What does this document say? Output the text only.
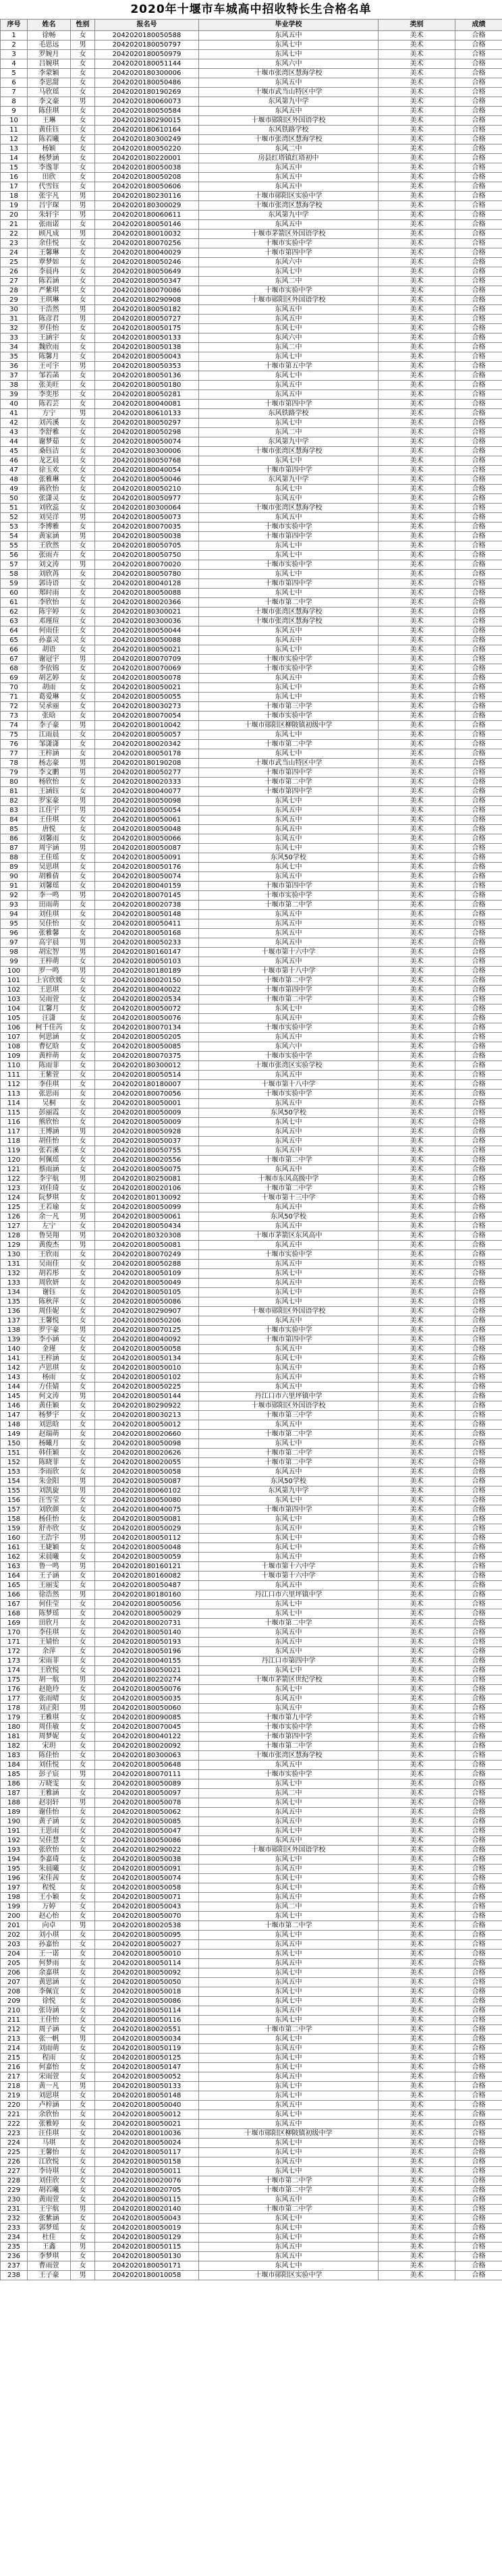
2020年十堰市车城高中招收特长生合格名单
序号	姓名	性别	报名号	毕业学校	类别	成绩
1	徐畅	女	2042020180050588	东风五中	美术	合格
2	毛思远	男	2042020180050797	东风七中	美术	合格
3	罗婉月	女	2042020180050979	东风七中	美术	合格
4	吕婉琪	女	2042020180051144	东风六中	美术	合格
5	李蒙颖	女	2042020180300006	十堰市张湾区慧海学校	美术	合格
6	李思甜	女	2042020180050486	东风五中	美术	合格
7	马欣瑶	女	2042020180190269	十堰市武当山特区中学	美术	合格
8	李文豪	男	2042020180060073	东风第九中学	美术	合格
9	陈佳琪	女	2042020180050584	东风五中	美术	合格
10	王琳	女	2042020180290015	十堰市郧阳区外国语学校	美术	合格
11	黄佳钰	女	2042020180610164	东风铁路学校	美术	合格
12	陈若曦	女	2042020180300249	十堰市张湾区慧海学校	美术	合格
13	杨颖	女	2042020180050220	东风二中	美术	合格
14	杨梦涵	女	2042020180220001	房县红塔镇红塔初中	美术	合格
15	李逸菲	女	2042020180050038	东风五中	美术	合格
16	田欣	女	2042020180050208	东风五中	美术	合格
17	代雪钰	女	2042020180050606	东风五中	美术	合格
18	张宇凡	男	2042020180230116	十堰市郧阳区实验中学	美术	合格
19	吕宇琛	男	2042020180300029	十堰市张湾区慧海学校	美术	合格
20	朱轩宇	男	2042020180060611	东风第九中学	美术	合格
21	张雨诺	女	2042020180050146	东风五中	美术	合格
22	顾凡成	男	2042020180010032	十堰市茅箭区外国语学校	美术	合格
23	余佳悦	女	2042020180070256	十堰市实验中学	美术	合格
24	王馨琳	女	2042020180040029	十堰市第四中学	美术	合格
25	覃梦如	女	2042020180050246	东风六中	美术	合格
26	李晨冉	女	2042020180050649	东风七中	美术	合格
27	陈若涵	女	2042020180050347	东风二中	美术	合格
28	严紫琪	女	2042020180070086	十堰市实验中学	美术	合格
29	王琪琳	女	2042020180290908	十堰市郧阳区外国语学校	美术	合格
30	干浩然	男	2042020180050182	东风五中	美术	合格
31	陈彦君	男	2042020180050727	东风五中	美术	合格
32	罗佳怡	女	2042020180050175	东风七中	美术	合格
33	王涵宇	女	2042020180050133	东风六中	美术	合格
34	魏欣雨	女	2042020180050138	东风二中	美术	合格
35	陈馨月	女	2042020180050043	东风七中	美术	合格
36	王可宇	男	2042020180050353	十堰市第五中学	美术	合格
37	邹若菡	女	2042020180050136	东风七中	美术	合格
38	张美旺	女	2042020180050180	东风五中	美术	合格
39	李奕彤	女	2042020180050281	东风五中	美术	合格
40	陈若芸	女	2042020180040081	十堰市第四中学	美术	合格
41	方宁	男	2042020180610133	东风铁路学校	美术	合格
42	刘芮溪	女	2042020180050297	东风七中	美术	合格
43	李舒雅	女	2042020180050298	东风二中	美术	合格
44	谢梦茹	女	2042020180050074	东风第九中学	美术	合格
45	桑钰洁	女	2042020180300006	十堰市张湾区慧海学校	美术	合格
46	龙艺晨	女	2042020180050768	东风七中	美术	合格
47	徐玉欢	女	2042020180040054	十堰市第四中学	美术	合格
48	张雅琳	女	2042020180050046	东风第九中学	美术	合格
49	蒋欣怡	女	2042020180050210	东风七中	美术	合格
50	张潇灵	女	2042020180050977	东风五中	美术	合格
51	刘欣蕊	女	2042020180300064	十堰市张湾区慧海学校	美术	合格
52	刘昊洋	男	2042020180050073	东风五中	美术	合格
53	李博雅	女	2042020180070035	十堰市实验中学	美术	合格
54	黄家涵	男	2042020180050038	十堰市第四中学	美术	合格
55	王欣然	女	2042020180050705	东风七中	美术	合格
56	张雨卉	女	2042020180050750	东风七中	美术	合格
57	刘文涛	男	2042020180070020	十堰市实验中学	美术	合格
58	刘欣苒	女	2042020180050780	东风七中	美术	合格
59	郭诗语	女	2042020180040128	十堰市第四中学	美术	合格
60	郑时雨	女	2042020180050088	东风七中	美术	合格
61	李欣怡	女	2042020180020366	十堰市第二中学	美术	合格
62	陈宇婷	女	2042020180300021	十堰市张湾区慧海学校	美术	合格
63	邓瑾瑄	女	2042020180300036	十堰市张湾区慧海学校	美术	合格
64	何雨佳	女	2042020180050044	东风五中	美术	合格
65	孙嘉灵	女	2042020180050088	东风五中	美术	合格
66	胡语	女	2042020180050021	东风七中	美术	合格
67	谢冠宇	男	2042020180070709	十堰市实验中学	美术	合格
68	李依锦	女	2042020180070069	十堰市实验中学	美术	合格
69	胡艺婷	女	2042020180050078	东风五中	美术	合格
70	胡雨	女	2042020180050021	东风七中	美术	合格
71	葛爱琳	女	2042020180050055	东风七中	美术	合格
72	吴承丽	女	2042020180030273	十堰市第三中学	美术	合格
73	张晗	女	2042020180070054	十堰市实验中学	美术	合格
74	李子豪	男	2042020180010042	十堰市郧阳区柳陂镇初级中学	美术	合格
75	江雨晨	女	2042020180050057	东风七中	美术	合格
76	邹潇潇	女	2042020180020342	十堰市第二中学	美术	合格
77	王梓涵	女	2042020180050178	东风七中	美术	合格
78	杨志豪	男	2042020180190208	十堰市武当山特区中学	美术	合格
79	李文鹏	男	2042020180050277	十堰市第四中学	美术	合格
80	杨欣怡	女	2042020180020333	十堰市第二中学	美术	合格
81	王涵钰	女	2042020180040077	十堰市第四中学	美术	合格
82	罗家豪	男	2042020180050098	东风七中	美术	合格
83	江佳宇	男	2042020180050054	东风五中	美术	合格
84	王佳琪	女	2042020180050061	东风五中	美术	合格
85	唐悦	女	2042020180050048	东风五中	美术	合格
86	刘馨雨	女	2042020180050066	东风五中	美术	合格
87	周宇涵	男	2042020180050087	东风七中	美术	合格
88	王佳瑶	女	2042020180050091	东风50学校	美术	合格
89	吴思琪	女	2042020180050176	东风七中	美术	合格
90	胡雅倩	女	2042020180050074	东风五中	美术	合格
91	刘馨瑶	女	2042020180040159	十堰市第四中学	美术	合格
92	李一鸣	男	2042020180070145	十堰市实验中学	美术	合格
93	田雨萌	女	2042020180020738	十堰市第二中学	美术	合格
94	刘佳琪	女	2042020180050148	东风五中	美术	合格
95	吴佳怡	女	2042020180050411	东风五中	美术	合格
96	张雅馨	女	2042020180050168	东风五中	美术	合格
97	高宇晨	男	2042020180050233	东风五中	美术	合格
98	胡宏智	男	2042020180160147	十堰市第十六中学	美术	合格
99	王梓萌	女	2042020180050103	东风五中	美术	合格
100	罗一鸣	男	2042020180180189	十堰市第十八中学	美术	合格
101	上官欣媛	女	2042020180020150	十堰市第二中学	美术	合格
102	王思琪	女	2042020180040022	十堰市第四中学	美术	合格
103	吴雨萱	女	2042020180020534	十堰市第二中学	美术	合格
104	江馨月	女	2042020180050072	东风七中	美术	合格
105	汪潇	女	2042020180050076	东风五中	美术	合格
106	柯千佳芮	女	2042020180070134	十堰市实验中学	美术	合格
107	何思涵	女	2042020180050205	东风五中	美术	合格
108	曹忆晗	女	2042020180050085	东风六中	美术	合格
109	黄梓萌	女	2042020180070375	十堰市实验中学	美术	合格
110	陈雨菲	女	2042020180300012	十堰市张湾区实验学校	美术	合格
111	王紫萱	女	2042020180050514	东风五中	美术	合格
112	李佳琪	女	2042020180180007	十堰市第十八中学	美术	合格
113	张思雨	女	2042020180070056	十堰市实验中学	美术	合格
114	吴桐	女	2042020180050001	东风五中	美术	合格
115	彭丽霞	女	2042020180050009	东风50学校	美术	合格
116	熊欣怡	女	2042020180050009	东风七中	美术	合格
117	王博涵	男	2042020180050928	东风五中	美术	合格
118	胡佳怡	女	2042020180050037	东风五中	美术	合格
119	张若溪	女	2042020180050755	东风五中	美术	合格
120	何佩瑶	女	2042020180020556	十堰市第二中学	美术	合格
121	蔡雨涵	女	2042020180050075	东风五中	美术	合格
122	李宇航	男	2042020180250081	十堰市东风高级中学	美术	合格
123	刘佳琦	女	2042020180020106	十堰市第二中学	美术	合格
124	阮梦琪	女	2042020180130092	十堰市第十三中学	美术	合格
125	王若瑜	女	2042020180050099	东风五中	美术	合格
126	余一凡	男	2042020180050061	东风50学校	美术	合格
127	左宁	女	2042020180050434	东风五中	美术	合格
128	鲁昊翔	男	2042020180320308	十堰市茅箭区东风高中	美术	合格
129	黄俊杰	男	2042020180050081	东风五中	美术	合格
130	王欣雨	女	2042020180070249	十堰市实验中学	美术	合格
131	吴雨佳	女	2042020180050288	东风五中	美术	合格
132	胡若彤	女	2042020180050109	东风七中	美术	合格
133	周欣妍	女	2042020180050049	东风五中	美术	合格
134	谢钰	女	2042020180050105	东风七中	美术	合格
135	陈秋萍	女	2042020180050086	东风七中	美术	合格
136	周佳妮	女	2042020180290907	十堰市郧阳区外国语学校	美术	合格
137	王馨悦	女	2042020180050206	东风五中	美术	合格
138	罗宇豪	男	2042020180070125	十堰市实验中学	美术	合格
139	李小涵	女	2042020180040092	十堰市第四中学	美术	合格
140	金瑾	女	2042020180050058	东风五中	美术	合格
141	王梓涵	女	2042020180050134	东风七中	美术	合格
142	卢思琪	女	2042020180050010	东风五中	美术	合格
143	杨雨	女	2042020180050102	东风五中	美术	合格
144	方佳婧	女	2042020180050225	东风五中	美术	合格
145	何文涛	男	2042020180050144	丹江口市六里坪镇中学	美术	合格
146	黄佳颖	女	2042020180290922	十堰市郧阳区外国语学校	美术	合格
147	杨梦宇	女	2042020180030213	十堰市第三中学	美术	合格
148	刘思晗	女	2042020180050012	东风五中	美术	合格
149	赵瑞萌	女	2042020180020660	十堰市第二中学	美术	合格
150	杨曦月	女	2042020180050098	东风七中	美术	合格
151	韩佳颖	女	2042020180020626	十堰市第二中学	美术	合格
152	陈晓菲	女	2042020180020055	十堰市第二中学	美术	合格
153	李雨欣	女	2042020180050058	东风五中	美术	合格
154	朱金阳	男	2042020180050087	东风50学校	美术	合格
155	刘凯旋	男	2042020180060102	东风第九中学	美术	合格
156	汪雪莹	女	2042020180050080	东风七中	美术	合格
157	刘欣颜	女	2042020180040075	十堰市第四中学	美术	合格
158	杨佳怡	女	2042020180050081	东风七中	美术	合格
159	舒亦欣	女	2042020180050029	东风五中	美术	合格
160	王浩宇	男	2042020180050112	东风七中	美术	合格
161	王婕颖	女	2042020180050048	东风七中	美术	合格
162	宋晨曦	女	2042020180050059	东风五中	美术	合格
163	鲁一鸣	男	2042020180160121	十堰市第十六中学	美术	合格
164	王子涵	女	2042020180160082	十堰市第十六中学	美术	合格
165	王丽雯	女	2042020180050487	东风五中	美术	合格
166	徐浩然	男	2042020180180160	丹江口市六里坪镇中学	美术	合格
167	何佳莹	女	2042020180050056	东风七中	美术	合格
168	陈梦瑶	女	2042020180050029	东风七中	美术	合格
169	田欣月	女	2042020180020731	十堰市第二中学	美术	合格
170	李佳琪	女	2042020180050140	东风五中	美术	合格
171	王婧怡	女	2042020180050193	东风五中	美术	合格
172	余萍	女	2042020180050196	东风五中	美术	合格
173	宋雨菲	女	2042020180040155	丹江口市第四中学	美术	合格
174	王欣悦	女	2042020180050021	东风七中	美术	合格
175	胡一航	男	2042020180220274	十堰市茅箭区世纪学校	美术	合格
176	赵艳玲	女	2042020180050076	东风七中	美术	合格
177	张雨晴	女	2042020180050035	东风五中	美术	合格
178	刘正阳	男	2042020180050060	东风五中	美术	合格
179	王雅琪	女	2042020180090085	十堰市第九中学	美术	合格
180	周佳敏	女	2042020180070045	十堰市实验中学	美术	合格
181	周梦妮	女	2042020180040122	十堰市第四中学	美术	合格
182	宋玥	女	2042020180020092	十堰市第二中学	美术	合格
183	陈佳怡	女	2042020180300063	十堰市张湾区慧海学校	美术	合格
184	刘佳悦	女	2042020180050648	东风五中	美术	合格
185	彭子宸	男	2042020180070111	十堰市实验中学	美术	合格
186	万晓雯	女	2042020180050089	东风七中	美术	合格
187	王雅涵	女	2042020180050097	东风二中	美术	合格
188	赵羽轩	男	2042020180050078	东风七中	美术	合格
189	谢佳怡	女	2042020180050062	东风五中	美术	合格
190	黄子涵	女	2042020180050085	东风五中	美术	合格
191	王思雨	女	2042020180050047	东风七中	美术	合格
192	吴佳慧	女	2042020180050086	东风五中	美术	合格
193	张欣怡	女	2042020180290022	十堰市郧阳区外国语学校	美术	合格
194	李嘉琦	女	2042020180050038	东风七中	美术	合格
195	朱晨曦	女	2042020180050091	东风五中	美术	合格
196	宋佳茜	女	2042020180050074	东风七中	美术	合格
197	程悦	女	2042020180050058	东风七中	美术	合格
198	王小颖	女	2042020180050071	东风五中	美术	合格
199	万婷	女	2042020180050043	东风二中	美术	合格
200	赵心怡	女	2042020180050070	东风七中	美术	合格
201	向卓	男	2042020180020538	十堰市第二中学	美术	合格
202	刘小琪	女	2042020180050095	东风七中	美术	合格
203	孙嘉怡	女	2042020180050027	东风五中	美术	合格
204	王一诺	女	2042020180050010	东风七中	美术	合格
205	何梦雨	女	2042020180050114	东风五中	美术	合格
206	余嘉琪	女	2042020180050092	东风七中	美术	合格
207	黄思涵	女	2042020180050050	东风五中	美术	合格
208	李佩宜	女	2042020180050018	东风七中	美术	合格
209	徐悦	女	2042020180050086	东风七中	美术	合格
210	张诗涵	女	2042020180050114	东风五中	美术	合格
211	王佳怡	女	2042020180050116	东风七中	美术	合格
212	周子涵	女	2042020180020551	十堰市第二中学	美术	合格
213	张一帆	男	2042020180050034	东风七中	美术	合格
214	刘雨萌	女	2042020180050119	东风五中	美术	合格
215	程雨	女	2042020180050125	东风七中	美术	合格
216	何嘉怡	女	2042020180050147	东风七中	美术	合格
217	宋雨萱	女	2042020180050052	东风五中	美术	合格
218	黄一凡	男	2042020180050133	东风七中	美术	合格
219	刘思琪	女	2042020180050148	东风七中	美术	合格
220	卢梓涵	女	2042020180050040	东风五中	美术	合格
221	余欣怡	女	2042020180050012	东风七中	美术	合格
222	张雅婷	女	2042020180050021	东风五中	美术	合格
223	汪佳琪	女	2042020180010036	十堰市郧阳区柳陂镇初级中学	美术	合格
224	马琪	女	2042020180050024	东风七中	美术	合格
225	王馨怡	女	2042020180050117	东风七中	美术	合格
226	江欣悦	女	2042020180050158	东风五中	美术	合格
227	李诗琪	女	2042020180050011	东风七中	美术	合格
228	刘佳欣	女	2042020180020076	十堰市第二中学	美术	合格
229	胡若曦	女	2042020180020705	十堰市第二中学	美术	合格
230	黄雨萱	女	2042020180050115	东风五中	美术	合格
231	王宇航	男	2042020180020140	十堰市第二中学	美术	合格
232	张紫涵	女	2042020180050043	东风七中	美术	合格
233	郭梦瑶	女	2042020180050019	东风七中	美术	合格
234	杜佳	女	2042020180050129	东风七中	美术	合格
235	王鑫	男	2042020180050115	东风五中	美术	合格
236	李梦琪	女	2042020180050130	东风五中	美术	合格
237	曹雨萱	女	2042020180050171	东风七中	美术	合格
238	王子豪	男	2042020180010058	十堰市郧阳区实验中学	美术	合格
